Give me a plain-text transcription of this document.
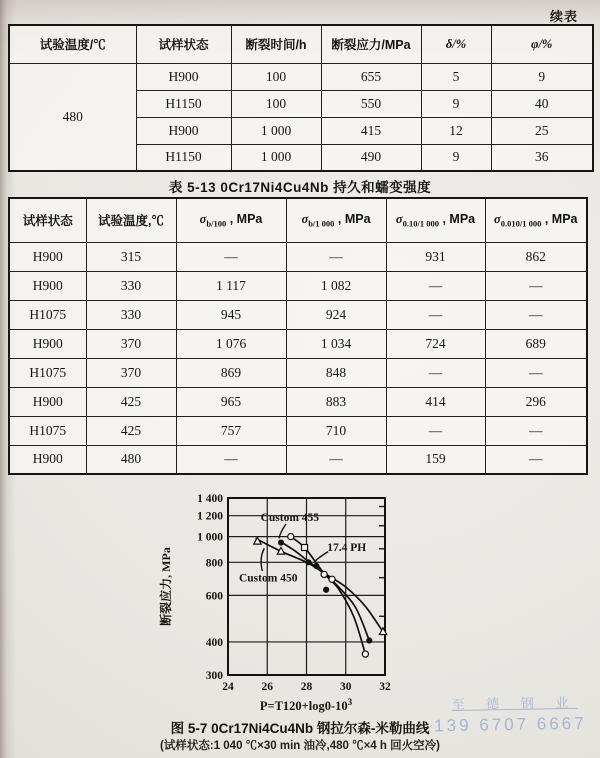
续表
试验温度/℃	试样状态	断裂时间/h	断裂应力/MPa	δ/%	φ/%
480	H900	100	655	5	9
	H1150	100	550	9	40
	H900	1 000	415	12	25
	H1150	1 000	490	9	36
表 5-13 0Cr17Ni4Cu4Nb 持久和蠕变强度
试样状态	试验温度,℃	$\sigma_{b/100}$ , MPa	$\sigma_{b/1 000}$ , MPa	$\sigma_{0.10/1 000}$ , MPa	$\sigma_{0.010/1 000}$ , MPa
H900	315	—	—	931	862
H900	330	1 117	1 082	—	—
H1075	330	945	924	—	—
H900	370	1 076	1 034	724	689
H1075	370	869	848	—	—
H900	425	965	883	414	296
H1075	425	757	710	—	—
H900	480	—	—	159	—
24 26 28 30 32
1 400
1 200
1 000
800
600
400
300
断裂应力, MPa
Custom 455
17.4 PH
Custom 450
$P=T120+\log 0-10^3$
图 5-7 0Cr17Ni4Cu4Nb 钢拉尔森-米勒曲线
(试样状态:1 040 ℃×30 min 油冷,480 ℃×4 h 回火空冷)
至 德 钢 业
139 6707 6667
